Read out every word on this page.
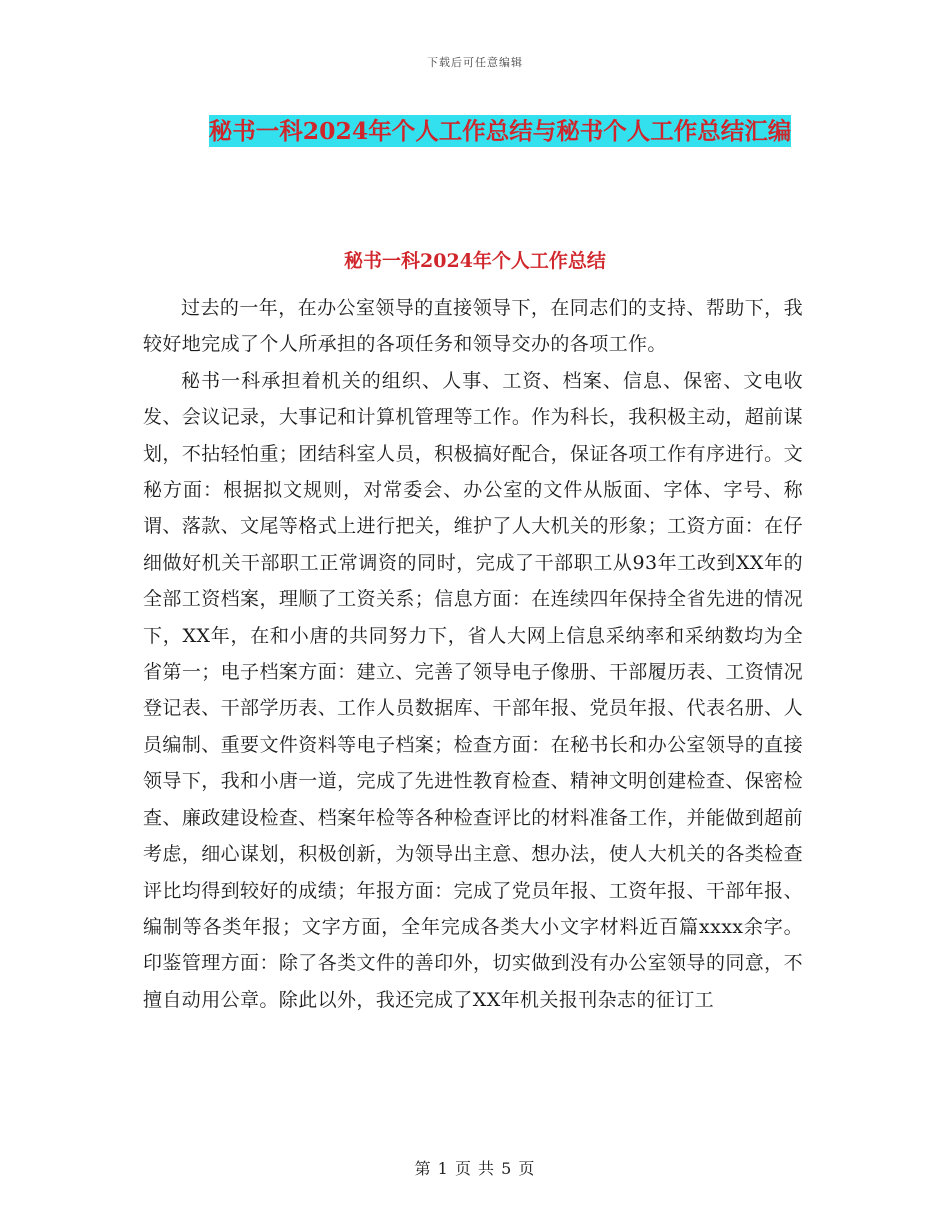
下载后可任意编辑
秘书一科2024年个人工作总结与秘书个人工作总结汇编
秘书一科2024年个人工作总结

过去的一年，在办公室领导的直接领导下，在同志们的支持、帮助下，我较好地完成了个人所承担的各项任务和领导交办的各项工作。

秘书一科承担着机关的组织、人事、工资、档案、信息、保密、文电收发、会议记录，大事记和计算机管理等工作。作为科长，我积极主动，超前谋划，不拈轻怕重；团结科室人员，积极搞好配合，保证各项工作有序进行。文秘方面：根据拟文规则，对常委会、办公室的文件从版面、字体、字号、称谓、落款、文尾等格式上进行把关，维护了人大机关的形象；工资方面：在仔细做好机关干部职工正常调资的同时，完成了干部职工从93年工改到XX年的全部工资档案，理顺了工资关系；信息方面：在连续四年保持全省先进的情况下，XX年，在和小唐的共同努力下，省人大网上信息采纳率和采纳数均为全省第一；电子档案方面：建立、完善了领导电子像册、干部履历表、工资情况登记表、干部学历表、工作人员数据库、干部年报、党员年报、代表名册、人员编制、重要文件资料等电子档案；检查方面：在秘书长和办公室领导的直接领导下，我和小唐一道，完成了先进性教育检查、精神文明创建检查、保密检查、廉政建设检查、档案年检等各种检查评比的材料准备工作，并能做到超前考虑，细心谋划，积极创新，为领导出主意、想办法，使人大机关的各类检查评比均得到较好的成绩；年报方面：完成了党员年报、工资年报、干部年报、编制等各类年报；文字方面，全年完成各类大小文字材料近百篇xxxx余字。印鉴管理方面：除了各类文件的善印外，切实做到没有办公室领导的同意，不擅自动用公章。除此以外，我还完成了XX年机关报刊杂志的征订工

第 1 页 共 5 页
